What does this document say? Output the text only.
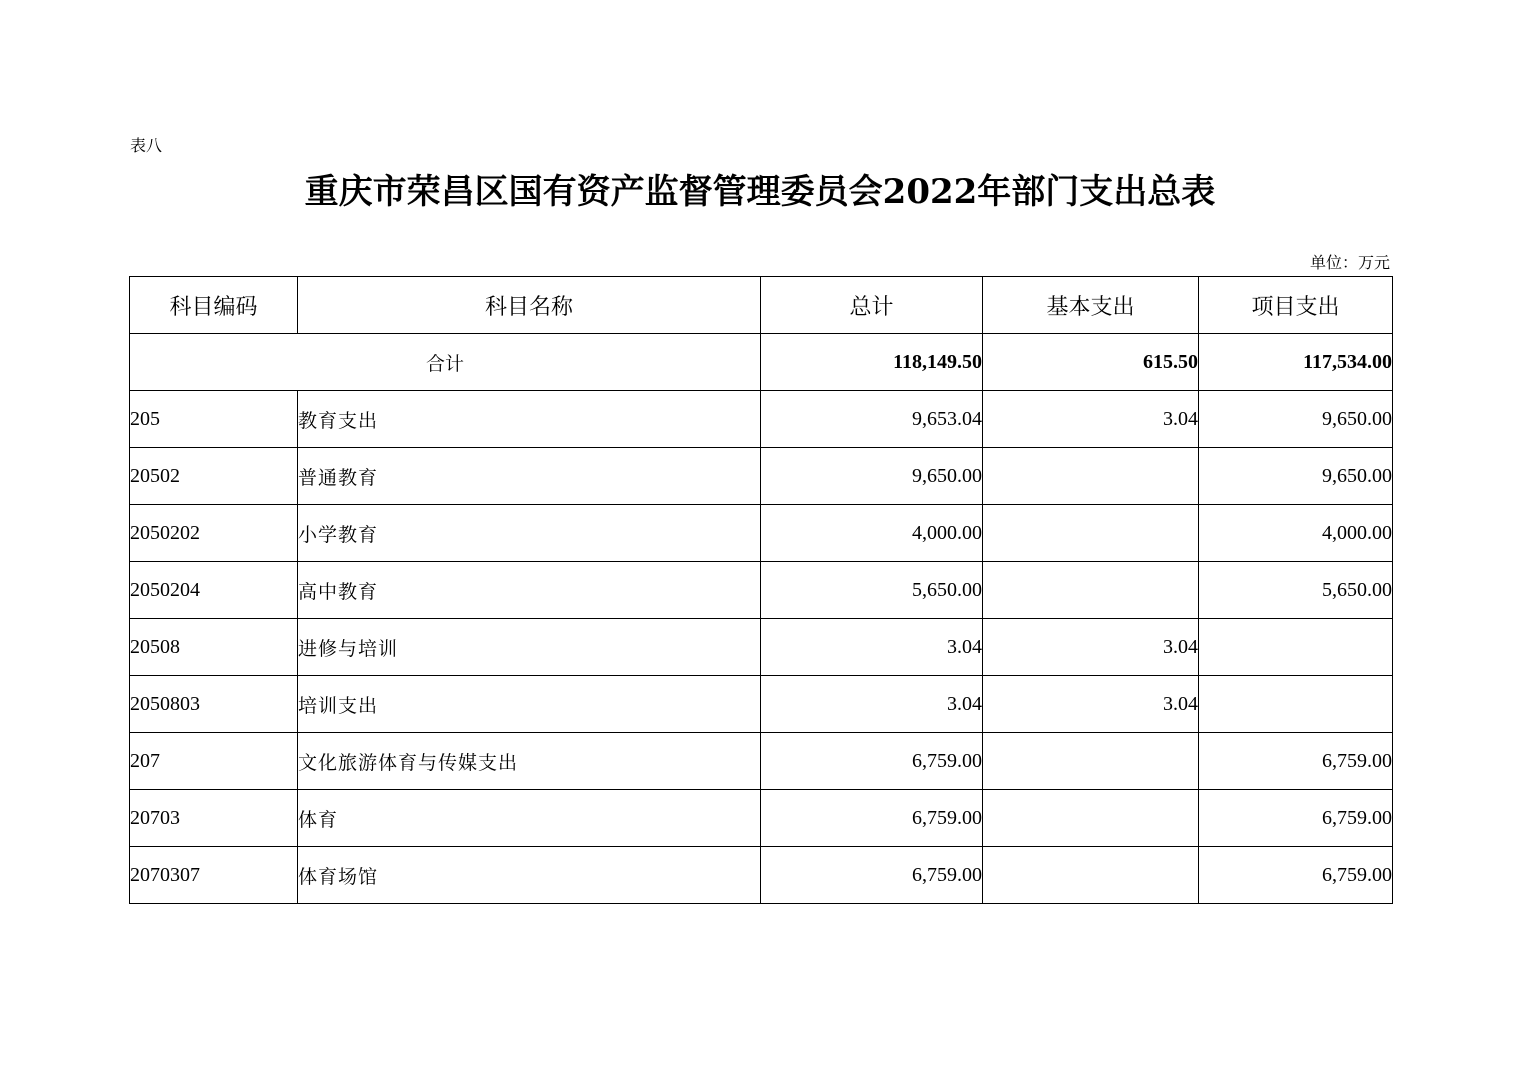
表八
重庆市荣昌区国有资产监督管理委员会2022年部门支出总表
单位：万元
科目编码	科目名称	总计	基本支出	项目支出
合计		118,149.50	615.50	117,534.00
205	教育支出	9,653.04	3.04	9,650.00
20502	普通教育	9,650.00		9,650.00
2050202	小学教育	4,000.00		4,000.00
2050204	高中教育	5,650.00		5,650.00
20508	进修与培训	3.04	3.04	
2050803	培训支出	3.04	3.04	
207	文化旅游体育与传媒支出	6,759.00		6,759.00
20703	体育	6,759.00		6,759.00
2070307	体育场馆	6,759.00		6,759.00
